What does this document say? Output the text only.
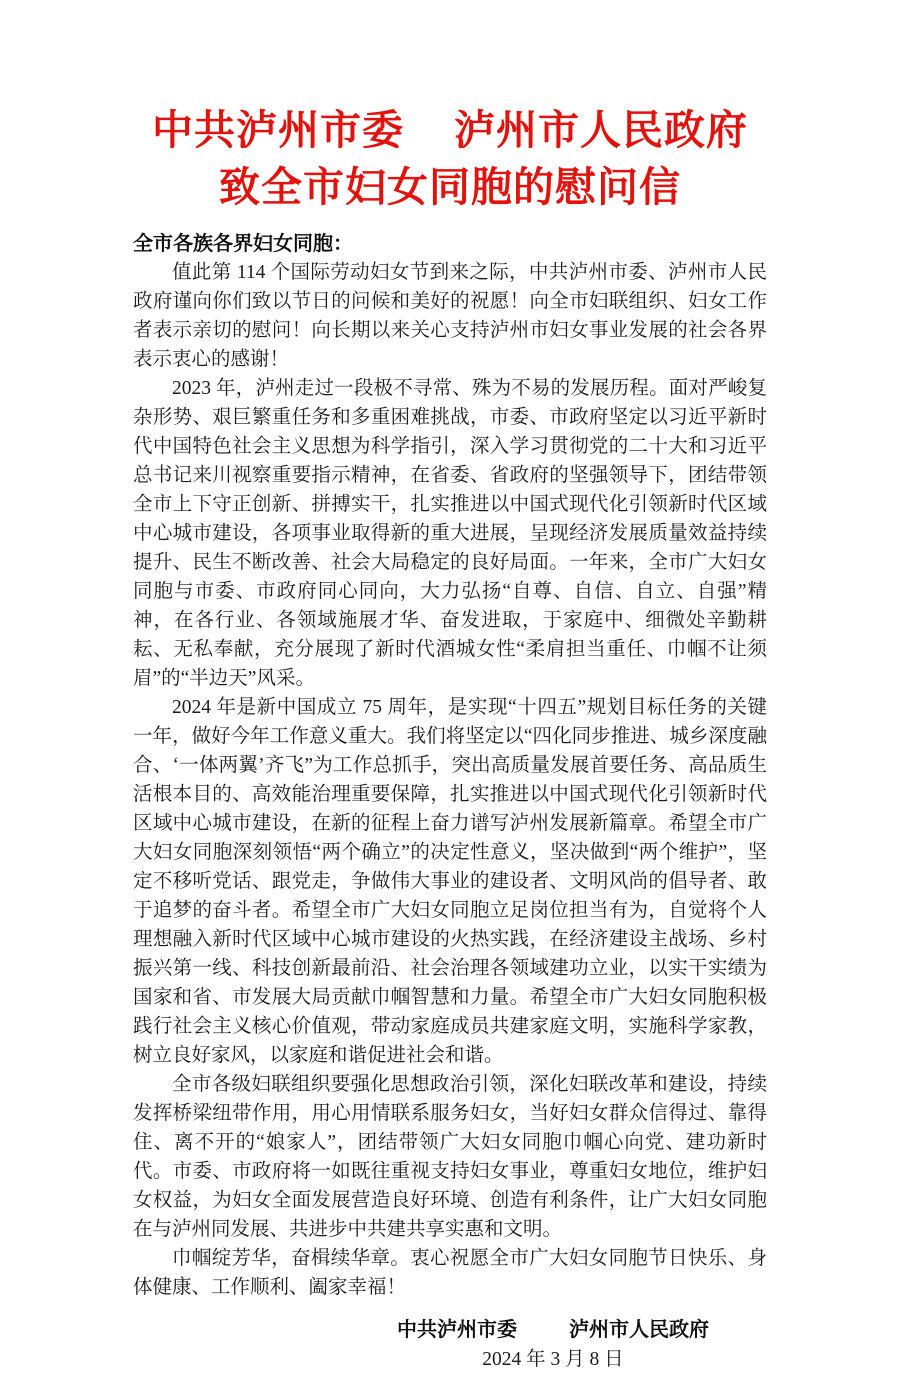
中共泸州市委 泸州市人民政府
致全市妇女同胞的慰问信
全市各族各界妇女同胞：

值此第 114 个国际劳动妇女节到来之际，中共泸州市委、泸州市人民政府谨向你们致以节日的问候和美好的祝愿！向全市妇联组织、妇女工作者表示亲切的慰问！向长期以来关心支持泸州市妇女事业发展的社会各界表示衷心的感谢！

2023 年，泸州走过一段极不寻常、殊为不易的发展历程。面对严峻复杂形势、艰巨繁重任务和多重困难挑战，市委、市政府坚定以习近平新时代中国特色社会主义思想为科学指引，深入学习贯彻党的二十大和习近平总书记来川视察重要指示精神，在省委、省政府的坚强领导下，团结带领全市上下守正创新、拼搏实干，扎实推进以中国式现代化引领新时代区域中心城市建设，各项事业取得新的重大进展，呈现经济发展质量效益持续提升、民生不断改善、社会大局稳定的良好局面。一年来，全市广大妇女同胞与市委、市政府同心同向，大力弘扬“自尊、自信、自立、自强”精神，在各行业、各领域施展才华、奋发进取，于家庭中、细微处辛勤耕耘、无私奉献，充分展现了新时代酒城女性“柔肩担当重任、巾帼不让须眉”的“半边天”风采。

2024 年是新中国成立 75 周年，是实现“十四五”规划目标任务的关键一年，做好今年工作意义重大。我们将坚定以“四化同步推进、城乡深度融合、‘一体两翼’齐飞”为工作总抓手，突出高质量发展首要任务、高品质生活根本目的、高效能治理重要保障，扎实推进以中国式现代化引领新时代区域中心城市建设，在新的征程上奋力谱写泸州发展新篇章。希望全市广大妇女同胞深刻领悟“两个确立”的决定性意义，坚决做到“两个维护”，坚定不移听党话、跟党走，争做伟大事业的建设者、文明风尚的倡导者、敢于追梦的奋斗者。希望全市广大妇女同胞立足岗位担当有为，自觉将个人理想融入新时代区域中心城市建设的火热实践，在经济建设主战场、乡村振兴第一线、科技创新最前沿、社会治理各领域建功立业，以实干实绩为国家和省、市发展大局贡献巾帼智慧和力量。希望全市广大妇女同胞积极践行社会主义核心价值观，带动家庭成员共建家庭文明，实施科学家教，树立良好家风，以家庭和谐促进社会和谐。

全市各级妇联组织要强化思想政治引领，深化妇联改革和建设，持续发挥桥梁纽带作用，用心用情联系服务妇女，当好妇女群众信得过、靠得住、离不开的“娘家人”，团结带领广大妇女同胞巾帼心向党、建功新时代。市委、市政府将一如既往重视支持妇女事业，尊重妇女地位，维护妇女权益，为妇女全面发展营造良好环境、创造有利条件，让广大妇女同胞在与泸州同发展、共进步中共建共享实惠和文明。

巾帼绽芳华，奋楫续华章。衷心祝愿全市广大妇女同胞节日快乐、身体健康、工作顺利、阖家幸福！

中共泸州市委	泸州市人民政府
2024 年 3 月 8 日
